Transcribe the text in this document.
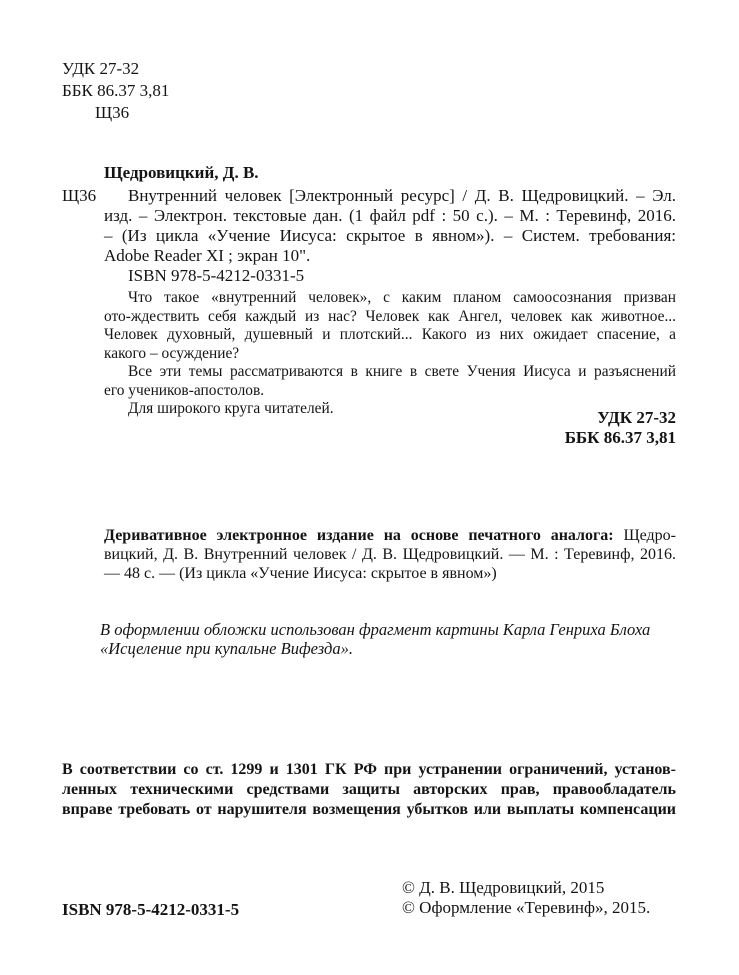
УДК 27-32
ББК 86.37 3,81
Щ36
Щедровицкий, Д. В.
Щ36 Внутренний человек [Электронный ресурс] / Д. В. Щедровицкий. – Эл.
изд. – Электрон. текстовые дан. (1 файл pdf : 50 с.). – М. : Теревинф, 2016.
– (Из цикла «Учение Иисуса: скрытое в явном»). – Систем. требования:
Adobe Reader XI ; экран 10".
ISBN 978-5-4212-0331-5
Что такое «внутренний человек», с каким планом самоосознания призван
ото-ждествить себя каждый из нас? Человек как Ангел, человек как животное...
Человек духовный, душевный и плотский... Какого из них ожидает спасение, а
какого – осуждение?
Все эти темы рассматриваются в книге в свете Учения Иисуса и разъяснений
его учеников-апостолов.
Для широкого круга читателей.	УДК 27-32
ББК 86.37 3,81
Деривативное электронное издание на основе печатного аналога: Щедро-
вицкий, Д. В. Внутренний человек / Д. В. Щедровицкий. — М. : Теревинф, 2016.
— 48 с. — (Из цикла «Учение Иисуса: скрытое в явном»)
В оформлении обложки использован фрагмент картины Карла Генриха Блоха
«Исцеление при купальне Вифезда».
В соответствии со ст. 1299 и 1301 ГК РФ при устранении ограничений, установ-
ленных техническими средствами защиты авторских прав, правообладатель
вправе требовать от нарушителя возмещения убытков или выплаты компенсации
© Д. В. Щедровицкий, 2015
ISBN 978-5-4212-0331-5	© Оформление «Теревинф», 2015.
